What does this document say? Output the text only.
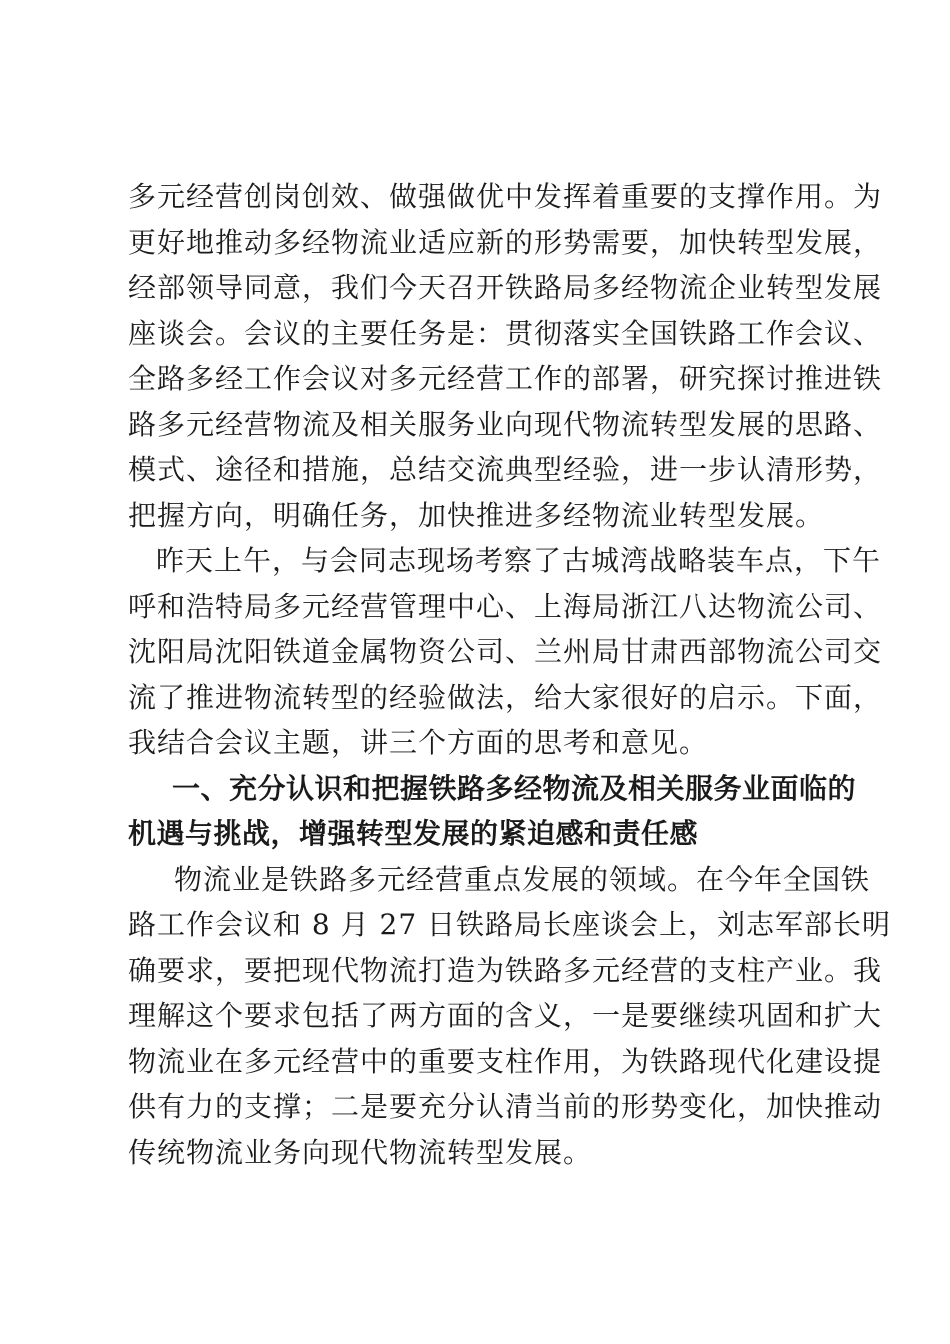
多元经营创岗创效、做强做优中发挥着重要的支撑作用。为
更好地推动多经物流业适应新的形势需要，加快转型发展，
经部领导同意，我们今天召开铁路局多经物流企业转型发展
座谈会。会议的主要任务是：贯彻落实全国铁路工作会议、
全路多经工作会议对多元经营工作的部署，研究探讨推进铁
路多元经营物流及相关服务业向现代物流转型发展的思路、
模式、途径和措施，总结交流典型经验，进一步认清形势，
把握方向，明确任务，加快推进多经物流业转型发展。
昨天上午，与会同志现场考察了古城湾战略装车点，下午
呼和浩特局多元经营管理中心、上海局浙江八达物流公司、
沈阳局沈阳铁道金属物资公司、兰州局甘肃西部物流公司交
流了推进物流转型的经验做法，给大家很好的启示。下面，
我结合会议主题，讲三个方面的思考和意见。
一、充分认识和把握铁路多经物流及相关服务业面临的
机遇与挑战，增强转型发展的紧迫感和责任感
物流业是铁路多元经营重点发展的领域。在今年全国铁
路工作会议和 8 月 27 日铁路局长座谈会上，刘志军部长明
确要求，要把现代物流打造为铁路多元经营的支柱产业。我
理解这个要求包括了两方面的含义，一是要继续巩固和扩大
物流业在多元经营中的重要支柱作用，为铁路现代化建设提
供有力的支撑；二是要充分认清当前的形势变化，加快推动
传统物流业务向现代物流转型发展。
